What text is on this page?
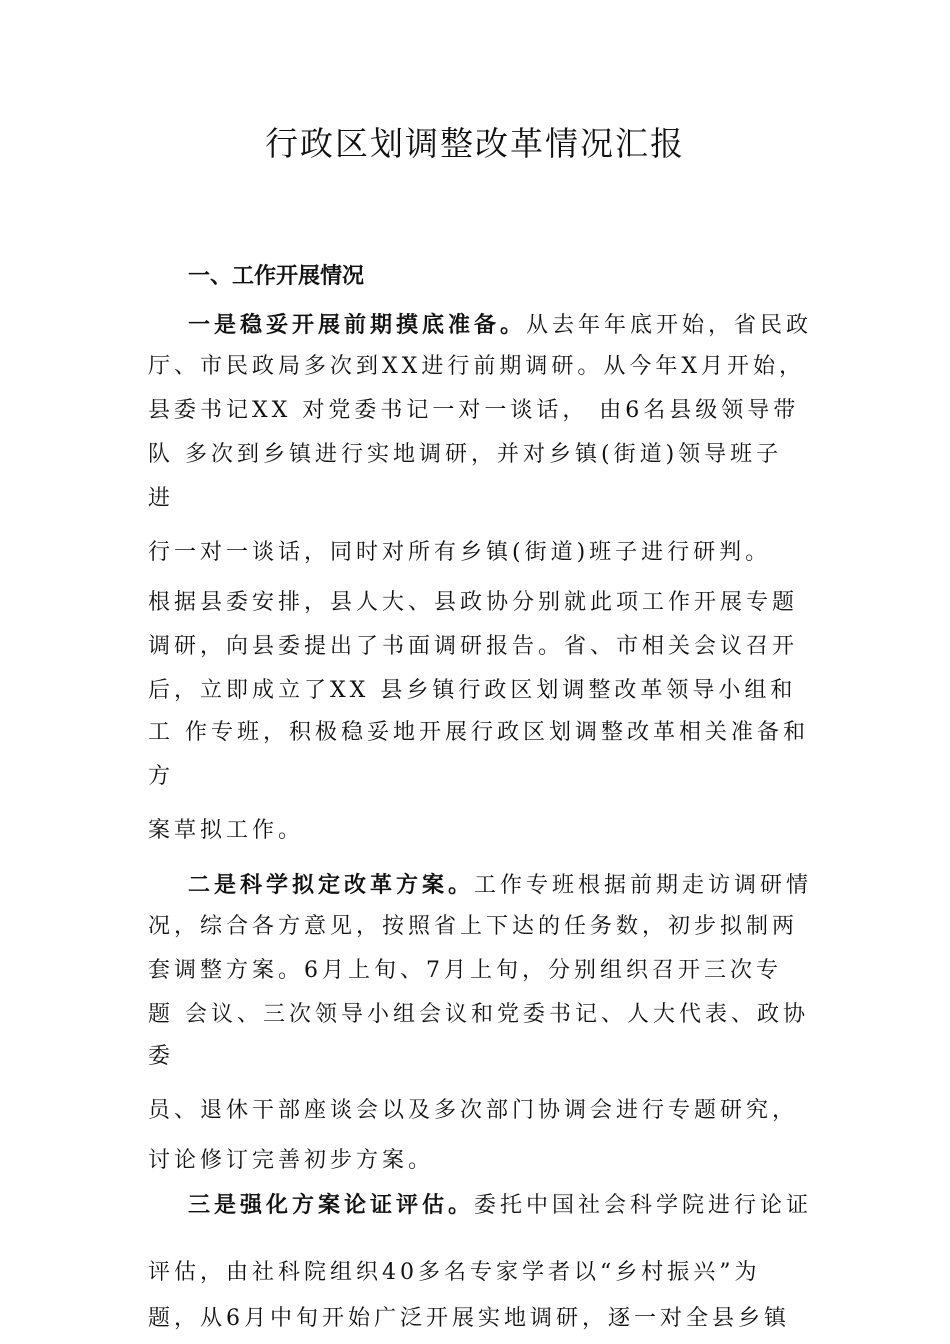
行政区划调整改革情况汇报
一、工作开展情况

一是稳妥开展前期摸底准备。从去年年底开始，省民政

厅、市民政局多次到XX进行前期调研。从今年X月开始，

县委书记XX 对党委书记一对一谈话， 由6名县级领导带

队 多次到乡镇进行实地调研，并对乡镇(街道)领导班子

进

行一对一谈话，同时对所有乡镇(街道)班子进行研判。

根据县委安排，县人大、县政协分别就此项工作开展专题

调研，向县委提出了书面调研报告。省、市相关会议召开

后，立即成立了XX 县乡镇行政区划调整改革领导小组和

工 作专班，积极稳妥地开展行政区划调整改革相关准备和

方

案草拟工作。

二是科学拟定改革方案。工作专班根据前期走访调研情

况，综合各方意见，按照省上下达的任务数，初步拟制两

套调整方案。6月上旬、7月上旬，分别组织召开三次专

题 会议、三次领导小组会议和党委书记、人大代表、政协

委

员、退休干部座谈会以及多次部门协调会进行专题研究，

讨论修订完善初步方案。

三是强化方案论证评估。委托中国社会科学院进行论证

评估，由社科院组织40多名专家学者以“乡村振兴”为

题，从6月中旬开始广泛开展实地调研，逐一对全县乡镇
